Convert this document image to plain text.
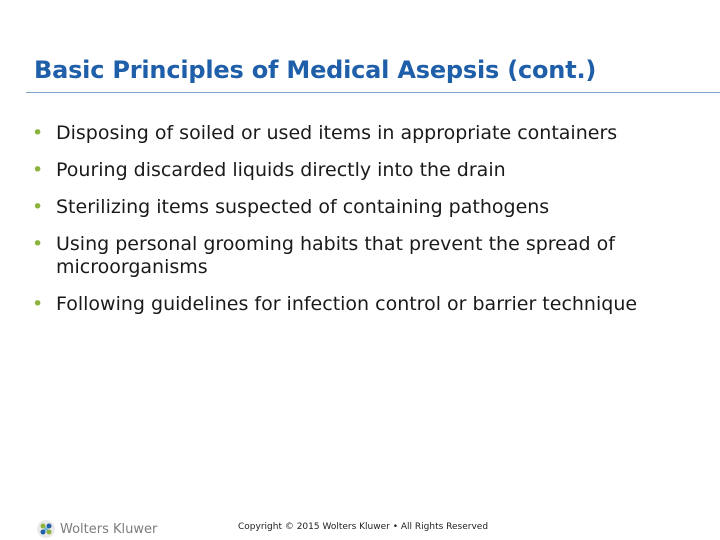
Basic Principles of Medical Asepsis (cont.)
• Disposing of soiled or used items in appropriate containers
• Pouring discarded liquids directly into the drain
• Sterilizing items suspected of containing pathogens
• Using personal grooming habits that prevent the spread of microorganisms
• Following guidelines for infection control or barrier technique
Wolters Kluwer	Copyright © 2015 Wolters Kluwer • All Rights Reserved
